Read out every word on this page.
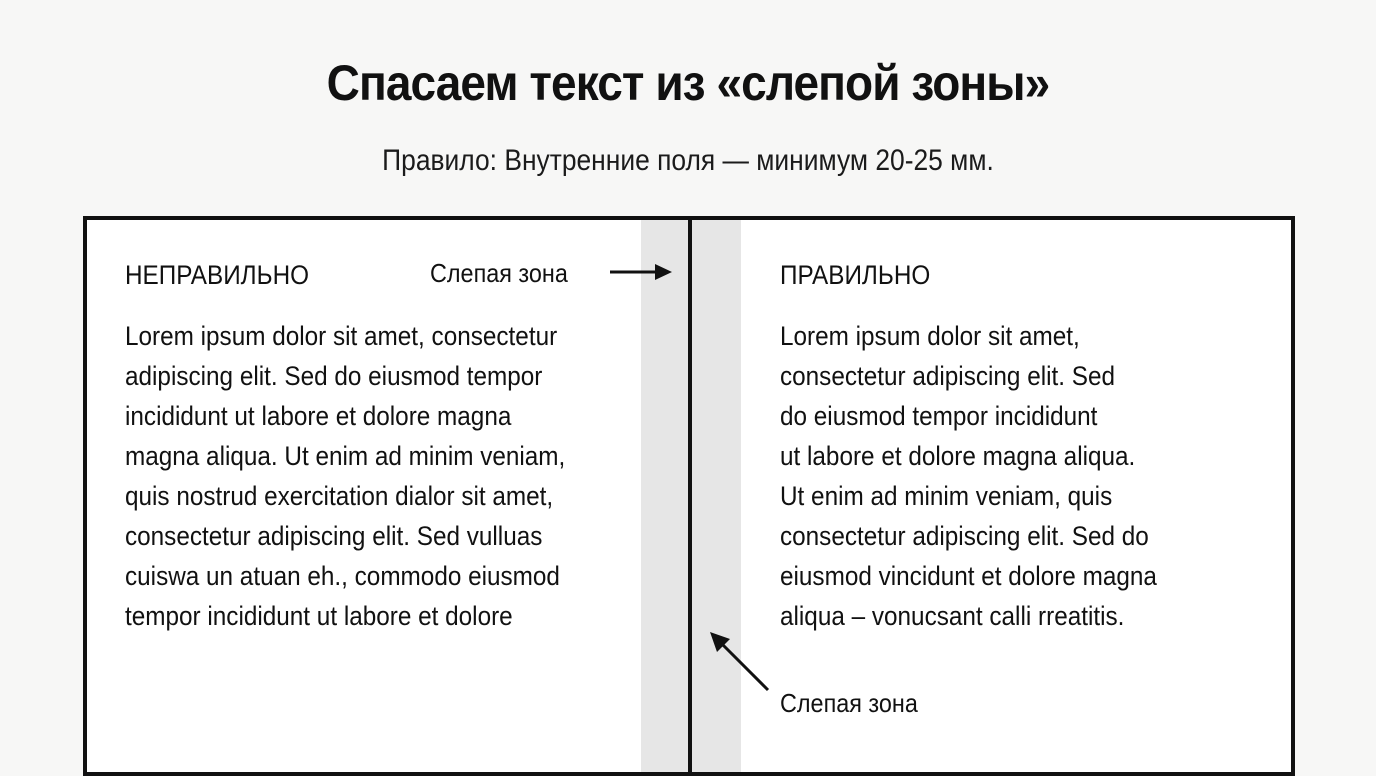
Спасаем текст из «слепой зоны»
Правило: Внутренние поля — минимум 20-25 мм.
НЕПРАВИЛЬНО	Слепая зона
Lorem ipsum dolor sit amet, consectetur
adipiscing elit. Sed do eiusmod tempor
incididunt ut labore et dolore magna
magna aliqua. Ut enim ad minim veniam,
quis nostrud exercitation dialor sit amet,
consectetur adipiscing elit. Sed vulluas
cuiswa un atuan eh., commodo eiusmod
tempor incididunt ut labore et dolore
ПРАВИЛЬНО
Lorem ipsum dolor sit amet,
consectetur adipiscing elit. Sed
do eiusmod tempor incididunt
ut labore et dolore magna aliqua.
Ut enim ad minim veniam, quis
consectetur adipiscing elit. Sed do
eiusmod vincidunt et dolore magna
aliqua – vonucsant calli rreatitis.
Слепая зона
